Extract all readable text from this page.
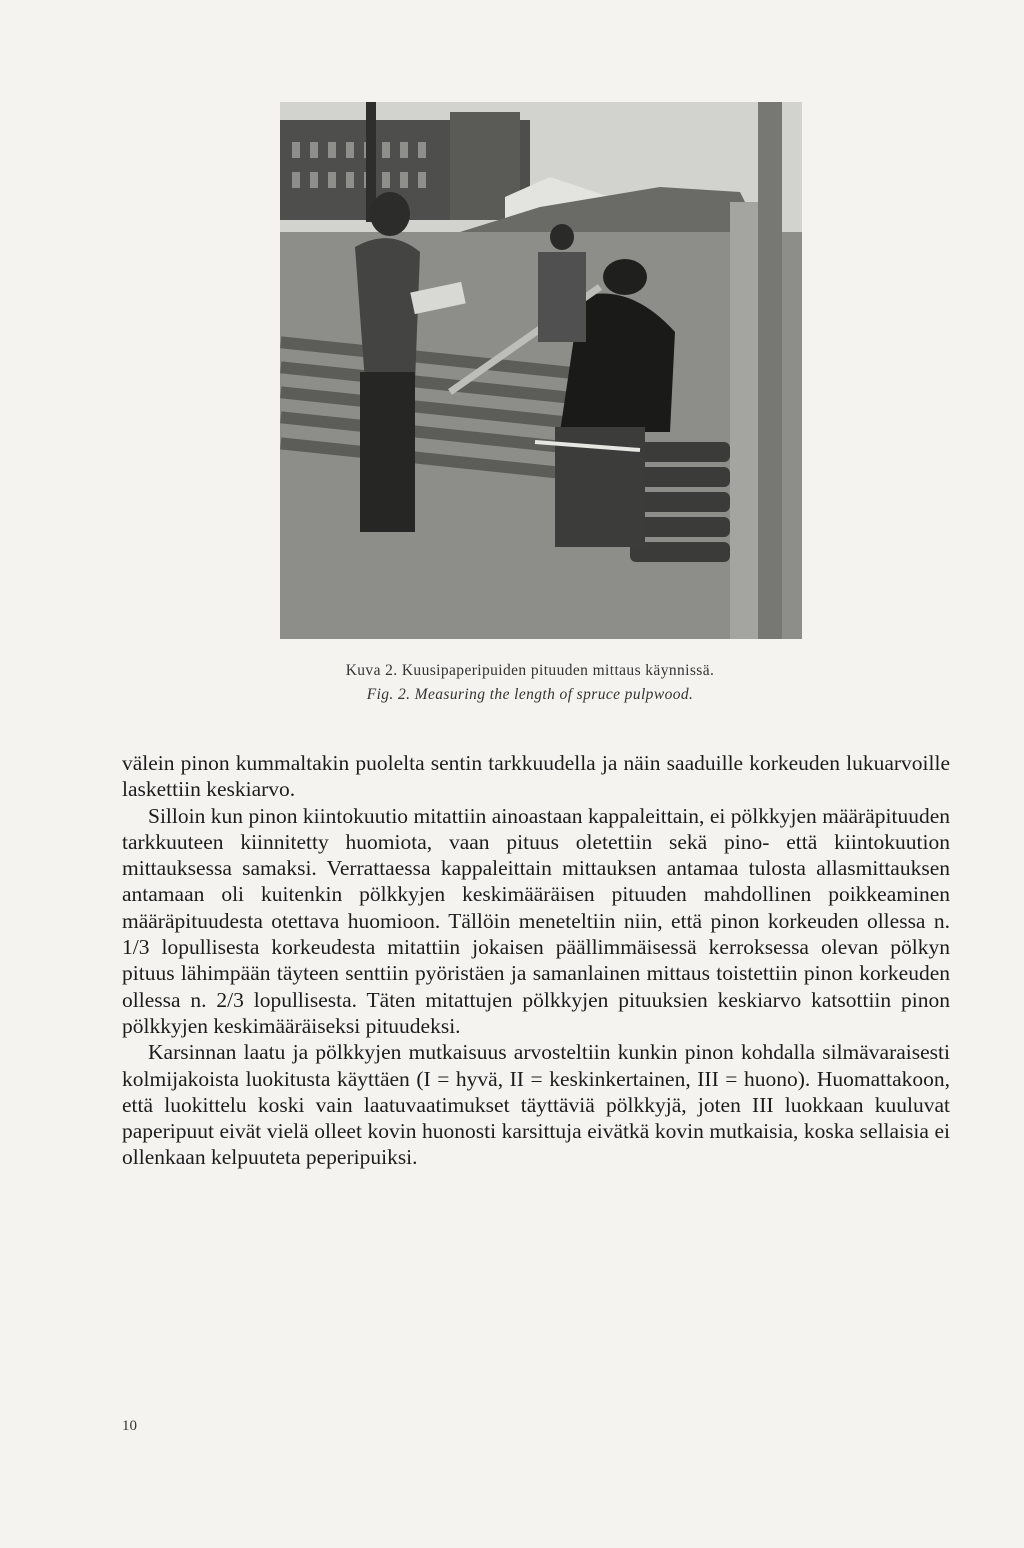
Kuva 2. Kuusipaperipuiden pituuden mittaus käynnissä.
Fig. 2. Measuring the length of spruce pulpwood.

välein pinon kummaltakin puolelta sentin tarkkuudella ja näin saaduille korkeuden lukuarvoille laskettiin keskiarvo.

Silloin kun pinon kiintokuutio mitattiin ainoastaan kappaleittain, ei pölkkyjen määräpituuden tarkkuuteen kiinnitetty huomiota, vaan pituus oletettiin sekä pino- että kiintokuution mittauksessa samaksi. Verrattaessa kappaleittain mittauksen antamaa tulosta allasmittauksen antamaan oli kuitenkin pölkkyjen keskimääräisen pituuden mahdollinen poikkeaminen määräpituudesta otettava huomioon. Tällöin meneteltiin niin, että pinon korkeuden ollessa n. 1/3 lopullisesta korkeudesta mitattiin jokaisen päällimmäisessä kerroksessa olevan pölkyn pituus lähimpään täyteen senttiin pyöristäen ja samanlainen mittaus toistettiin pinon korkeuden ollessa n. 2/3 lopullisesta. Täten mitattujen pölkkyjen pituuksien keskiarvo katsottiin pinon pölkkyjen keskimääräiseksi pituudeksi.

Karsinnan laatu ja pölkkyjen mutkaisuus arvosteltiin kunkin pinon kohdalla silmävaraisesti kolmijakoista luokitusta käyttäen (I = hyvä, II = keskinkertainen, III = huono). Huomattakoon, että luokittelu koski vain laatuvaatimukset täyttäviä pölkkyjä, joten III luokkaan kuuluvat paperipuut eivät vielä olleet kovin huonosti karsittuja eivätkä kovin mutkaisia, koska sellaisia ei ollenkaan kelpuuteta peperipuiksi.

10
